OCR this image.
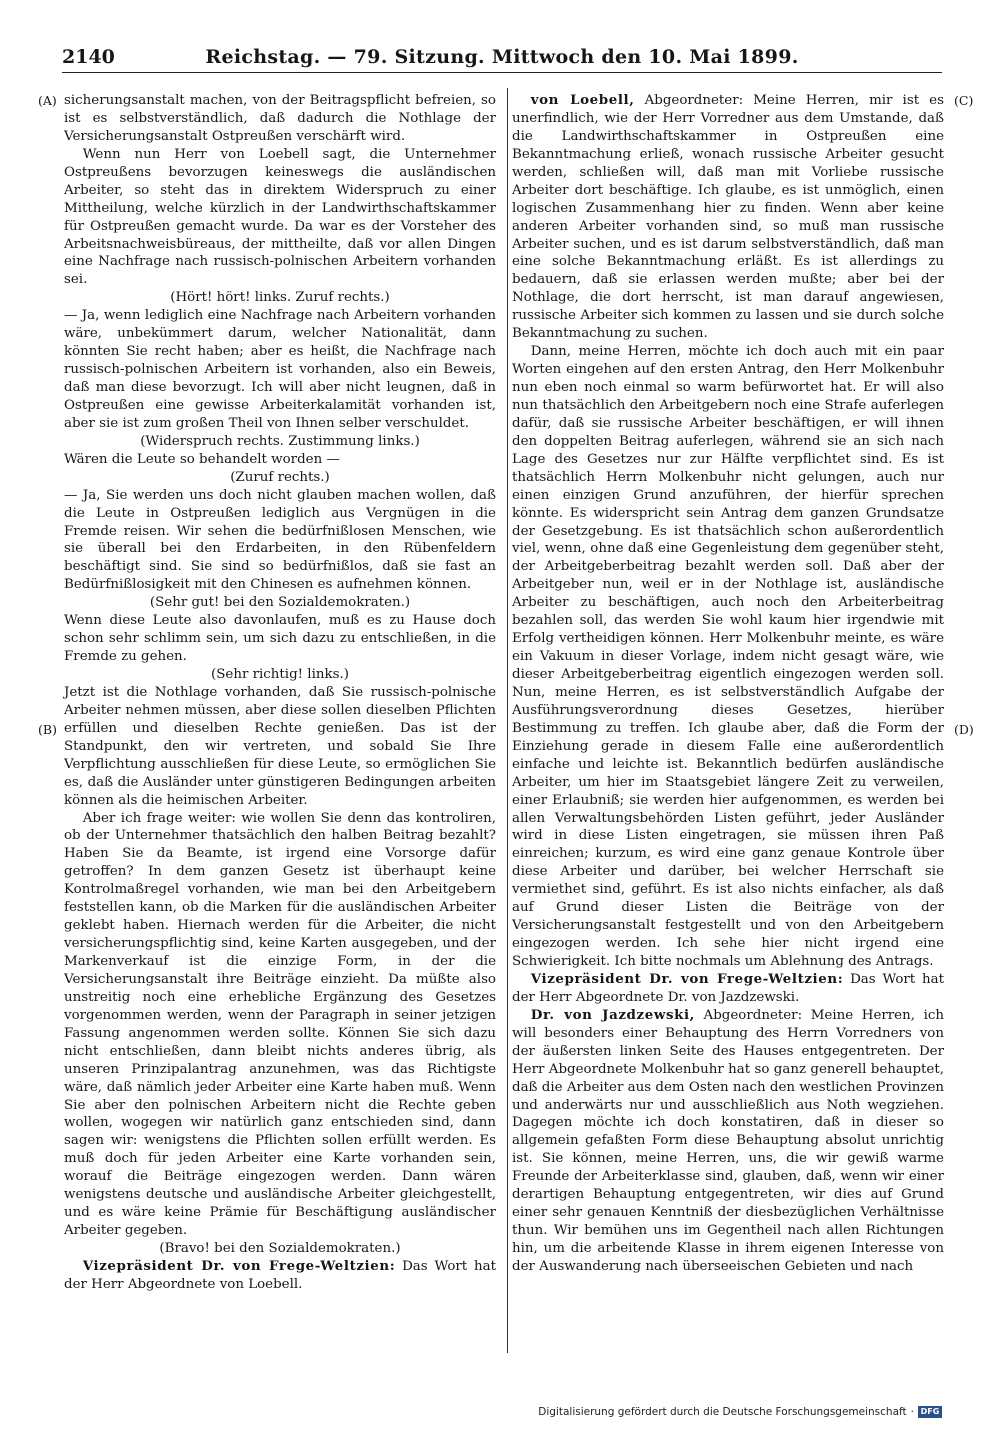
2140	Reichstag. — 79. Sitzung. Mittwoch den 10. Mai 1899.
(A)
(B)
(C)
(D)

sicherungsanstalt machen, von der Beitragspflicht befreien, so ist es selbstverständlich, daß dadurch die Nothlage der Versicherungsanstalt Ostpreußen verschärft wird.

Wenn nun Herr von Loebell sagt, die Unternehmer Ostpreußens bevorzugen keineswegs die ausländischen Arbeiter, so steht das in direktem Widerspruch zu einer Mittheilung, welche kürzlich in der Landwirthschaftskammer für Ostpreußen gemacht wurde. Da war es der Vorsteher des Arbeitsnachweisbüreaus, der mittheilte, daß vor allen Dingen eine Nachfrage nach russisch-polnischen Arbeitern vorhanden sei.

(Hört! hört! links. Zuruf rechts.)

— Ja, wenn lediglich eine Nachfrage nach Arbeitern vorhanden wäre, unbekümmert darum, welcher Nationalität, dann könnten Sie recht haben; aber es heißt, die Nachfrage nach russisch-polnischen Arbeitern ist vorhanden, also ein Beweis, daß man diese bevorzugt. Ich will aber nicht leugnen, daß in Ostpreußen eine gewisse Arbeiterkalamität vorhanden ist, aber sie ist zum großen Theil von Ihnen selber verschuldet.

(Widerspruch rechts. Zustimmung links.)

Wären die Leute so behandelt worden —

(Zuruf rechts.)

— Ja, Sie werden uns doch nicht glauben machen wollen, daß die Leute in Ostpreußen lediglich aus Vergnügen in die Fremde reisen. Wir sehen die bedürfnißlosen Menschen, wie sie überall bei den Erdarbeiten, in den Rübenfeldern beschäftigt sind. Sie sind so bedürfnißlos, daß sie fast an Bedürfnißlosigkeit mit den Chinesen es aufnehmen können.

(Sehr gut! bei den Sozialdemokraten.)

Wenn diese Leute also davonlaufen, muß es zu Hause doch schon sehr schlimm sein, um sich dazu zu entschließen, in die Fremde zu gehen.

(Sehr richtig! links.)

Jetzt ist die Nothlage vorhanden, daß Sie russisch-polnische Arbeiter nehmen müssen, aber diese sollen dieselben Pflichten erfüllen und dieselben Rechte genießen. Das ist der Standpunkt, den wir vertreten, und sobald Sie Ihre Verpflichtung ausschließen für diese Leute, so ermöglichen Sie es, daß die Ausländer unter günstigeren Bedingungen arbeiten können als die heimischen Arbeiter.

Aber ich frage weiter: wie wollen Sie denn das kontroliren, ob der Unternehmer thatsächlich den halben Beitrag bezahlt? Haben Sie da Beamte, ist irgend eine Vorsorge dafür getroffen? In dem ganzen Gesetz ist überhaupt keine Kontrolmaßregel vorhanden, wie man bei den Arbeitgebern feststellen kann, ob die Marken für die ausländischen Arbeiter geklebt haben. Hiernach werden für die Arbeiter, die nicht versicherungspflichtig sind, keine Karten ausgegeben, und der Markenverkauf ist die einzige Form, in der die Versicherungsanstalt ihre Beiträge einzieht. Da müßte also unstreitig noch eine erhebliche Ergänzung des Gesetzes vorgenommen werden, wenn der Paragraph in seiner jetzigen Fassung angenommen werden sollte. Können Sie sich dazu nicht entschließen, dann bleibt nichts anderes übrig, als unseren Prinzipalantrag anzunehmen, was das Richtigste wäre, daß nämlich jeder Arbeiter eine Karte haben muß. Wenn Sie aber den polnischen Arbeitern nicht die Rechte geben wollen, wogegen wir natürlich ganz entschieden sind, dann sagen wir: wenigstens die Pflichten sollen erfüllt werden. Es muß doch für jeden Arbeiter eine Karte vorhanden sein, worauf die Beiträge eingezogen werden. Dann wären wenigstens deutsche und ausländische Arbeiter gleichgestellt, und es wäre keine Prämie für Beschäftigung ausländischer Arbeiter gegeben.

(Bravo! bei den Sozialdemokraten.)

Vizepräsident Dr. von Frege-Weltzien: Das Wort hat der Herr Abgeordnete von Loebell.

von Loebell, Abgeordneter: Meine Herren, mir ist es unerfindlich, wie der Herr Vorredner aus dem Umstande, daß die Landwirthschaftskammer in Ostpreußen eine Bekanntmachung erließ, wonach russische Arbeiter gesucht werden, schließen will, daß man mit Vorliebe russische Arbeiter dort beschäftige. Ich glaube, es ist unmöglich, einen logischen Zusammenhang hier zu finden. Wenn aber keine anderen Arbeiter vorhanden sind, so muß man russische Arbeiter suchen, und es ist darum selbstverständlich, daß man eine solche Bekanntmachung erläßt. Es ist allerdings zu bedauern, daß sie erlassen werden mußte; aber bei der Nothlage, die dort herrscht, ist man darauf angewiesen, russische Arbeiter sich kommen zu lassen und sie durch solche Bekanntmachung zu suchen.

Dann, meine Herren, möchte ich doch auch mit ein paar Worten eingehen auf den ersten Antrag, den Herr Molkenbuhr nun eben noch einmal so warm befürwortet hat. Er will also nun thatsächlich den Arbeitgebern noch eine Strafe auferlegen dafür, daß sie russische Arbeiter beschäftigen, er will ihnen den doppelten Beitrag auferlegen, während sie an sich nach Lage des Gesetzes nur zur Hälfte verpflichtet sind. Es ist thatsächlich Herrn Molkenbuhr nicht gelungen, auch nur einen einzigen Grund anzuführen, der hierfür sprechen könnte. Es widerspricht sein Antrag dem ganzen Grundsatze der Gesetzgebung. Es ist thatsächlich schon außerordentlich viel, wenn, ohne daß eine Gegenleistung dem gegenüber steht, der Arbeitgeberbeitrag bezahlt werden soll. Daß aber der Arbeitgeber nun, weil er in der Nothlage ist, ausländische Arbeiter zu beschäftigen, auch noch den Arbeiterbeitrag bezahlen soll, das werden Sie wohl kaum hier irgendwie mit Erfolg vertheidigen können. Herr Molkenbuhr meinte, es wäre ein Vakuum in dieser Vorlage, indem nicht gesagt wäre, wie dieser Arbeitgeberbeitrag eigentlich eingezogen werden soll. Nun, meine Herren, es ist selbstverständlich Aufgabe der Ausführungsverordnung dieses Gesetzes, hierüber Bestimmung zu treffen. Ich glaube aber, daß die Form der Einziehung gerade in diesem Falle eine außerordentlich einfache und leichte ist. Bekanntlich bedürfen ausländische Arbeiter, um hier im Staatsgebiet längere Zeit zu verweilen, einer Erlaubniß; sie werden hier aufgenommen, es werden bei allen Verwaltungsbehörden Listen geführt, jeder Ausländer wird in diese Listen eingetragen, sie müssen ihren Paß einreichen; kurzum, es wird eine ganz genaue Kontrole über diese Arbeiter und darüber, bei welcher Herrschaft sie vermiethet sind, geführt. Es ist also nichts einfacher, als daß auf Grund dieser Listen die Beiträge von der Versicherungsanstalt festgestellt und von den Arbeitgebern eingezogen werden. Ich sehe hier nicht irgend eine Schwierigkeit. Ich bitte nochmals um Ablehnung des Antrags.

Vizepräsident Dr. von Frege-Weltzien: Das Wort hat der Herr Abgeordnete Dr. von Jazdzewski.

Dr. von Jazdzewski, Abgeordneter: Meine Herren, ich will besonders einer Behauptung des Herrn Vorredners von der äußersten linken Seite des Hauses entgegentreten. Der Herr Abgeordnete Molkenbuhr hat so ganz generell behauptet, daß die Arbeiter aus dem Osten nach den westlichen Provinzen und anderwärts nur und ausschließlich aus Noth wegziehen. Dagegen möchte ich doch konstatiren, daß in dieser so allgemein gefaßten Form diese Behauptung absolut unrichtig ist. Sie können, meine Herren, uns, die wir gewiß warme Freunde der Arbeiterklasse sind, glauben, daß, wenn wir einer derartigen Behauptung entgegentreten, wir dies auf Grund einer sehr genauen Kenntniß der diesbezüglichen Verhältnisse thun. Wir bemühen uns im Gegentheil nach allen Richtungen hin, um die arbeitende Klasse in ihrem eigenen Interesse von der Auswanderung nach überseeischen Gebieten und nach

Digitalisierung gefördert durch die Deutsche Forschungsgemeinschaft · DFG
